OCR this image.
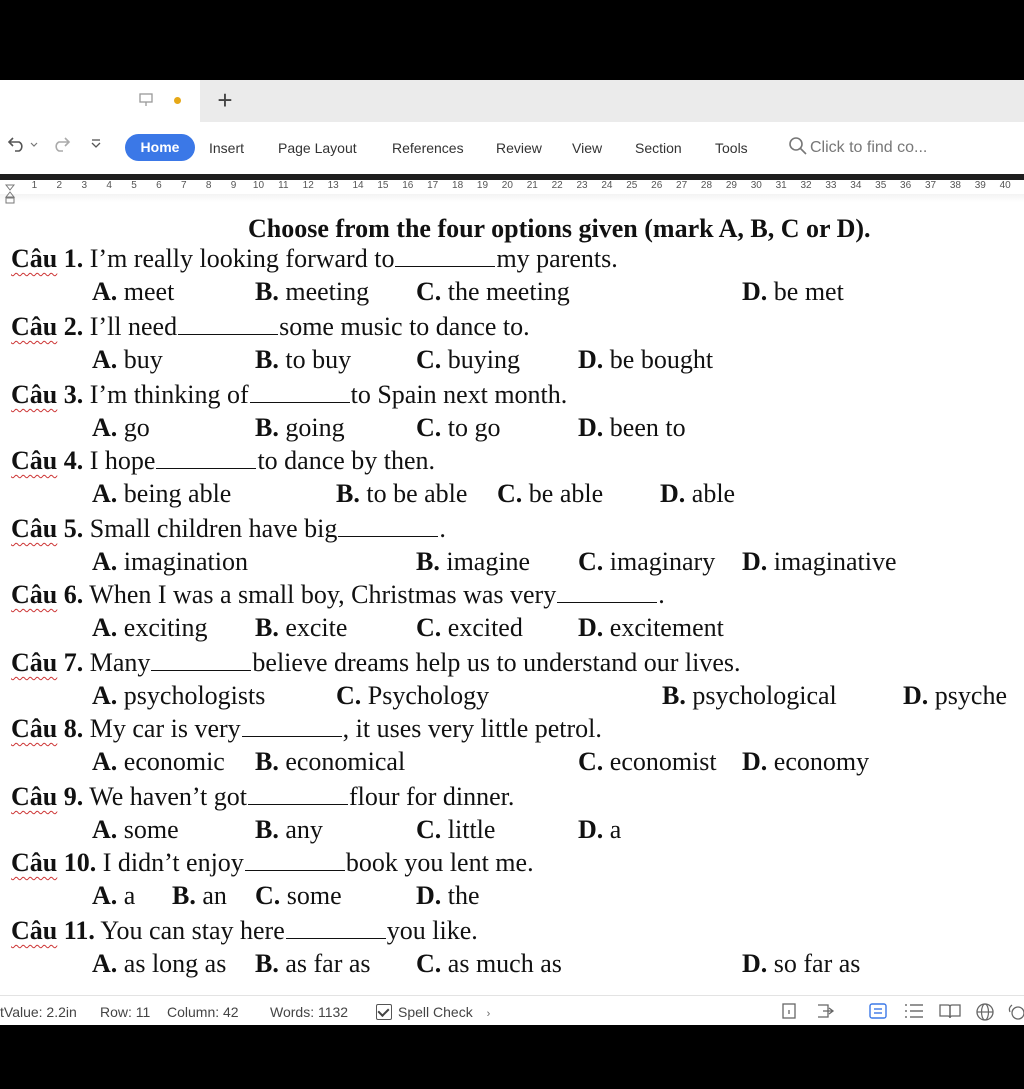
+
Home	Insert Page Layout	References Review View Section Tools	Click to find co...
1 2 3 4 5 6 7 8 9 10 11 12 13 14 15 16 17 18 19 20 21 22 23 24 25 26 27 28 29 30 31 32 33 34 35 36 37 38 39 40
Choose from the four options given (mark A, B, C or D).
Câu 1. I’m really looking forward to	my parents.
A. meet	B. meeting C. the meeting	D. be met
Câu 2. I’ll need	some music to dance to.
A. buy	B. to buy C. buying D. be bought
Câu 3. I’m thinking of	to Spain next month.
A. go	B. going	C. to go	D. been to
Câu 4. I hope	to dance by then.
A. being able	B. to be able C. be able D. able
Câu 5. Small children have big	.
A. imagination	B. imagine C. imaginary D. imaginative
Câu 6. When I was a small boy, Christmas was very	.
A. exciting B. excite	C. excited D. excitement
Câu 7. Many	believe dreams help us to understand our lives.
A. psychologists	C. Psychology	B. psychological	D. psyche
Câu 8. My car is very	, it uses very little petrol.
A. economic B. economical	C. economist D. economy
Câu 9. We haven’t got	flour for dinner.
A. some	B. any	C. little	D. a
Câu 10. I didn’t enjoy	book you lent me.
A. a B. an C. some	D. the
Câu 11. You can stay here	you like.
A. as long as B. as far as C. as much as	D. so far as
tValue: 2.2in Row: 11 Column: 42 Words: 1132	Spell Check ›
